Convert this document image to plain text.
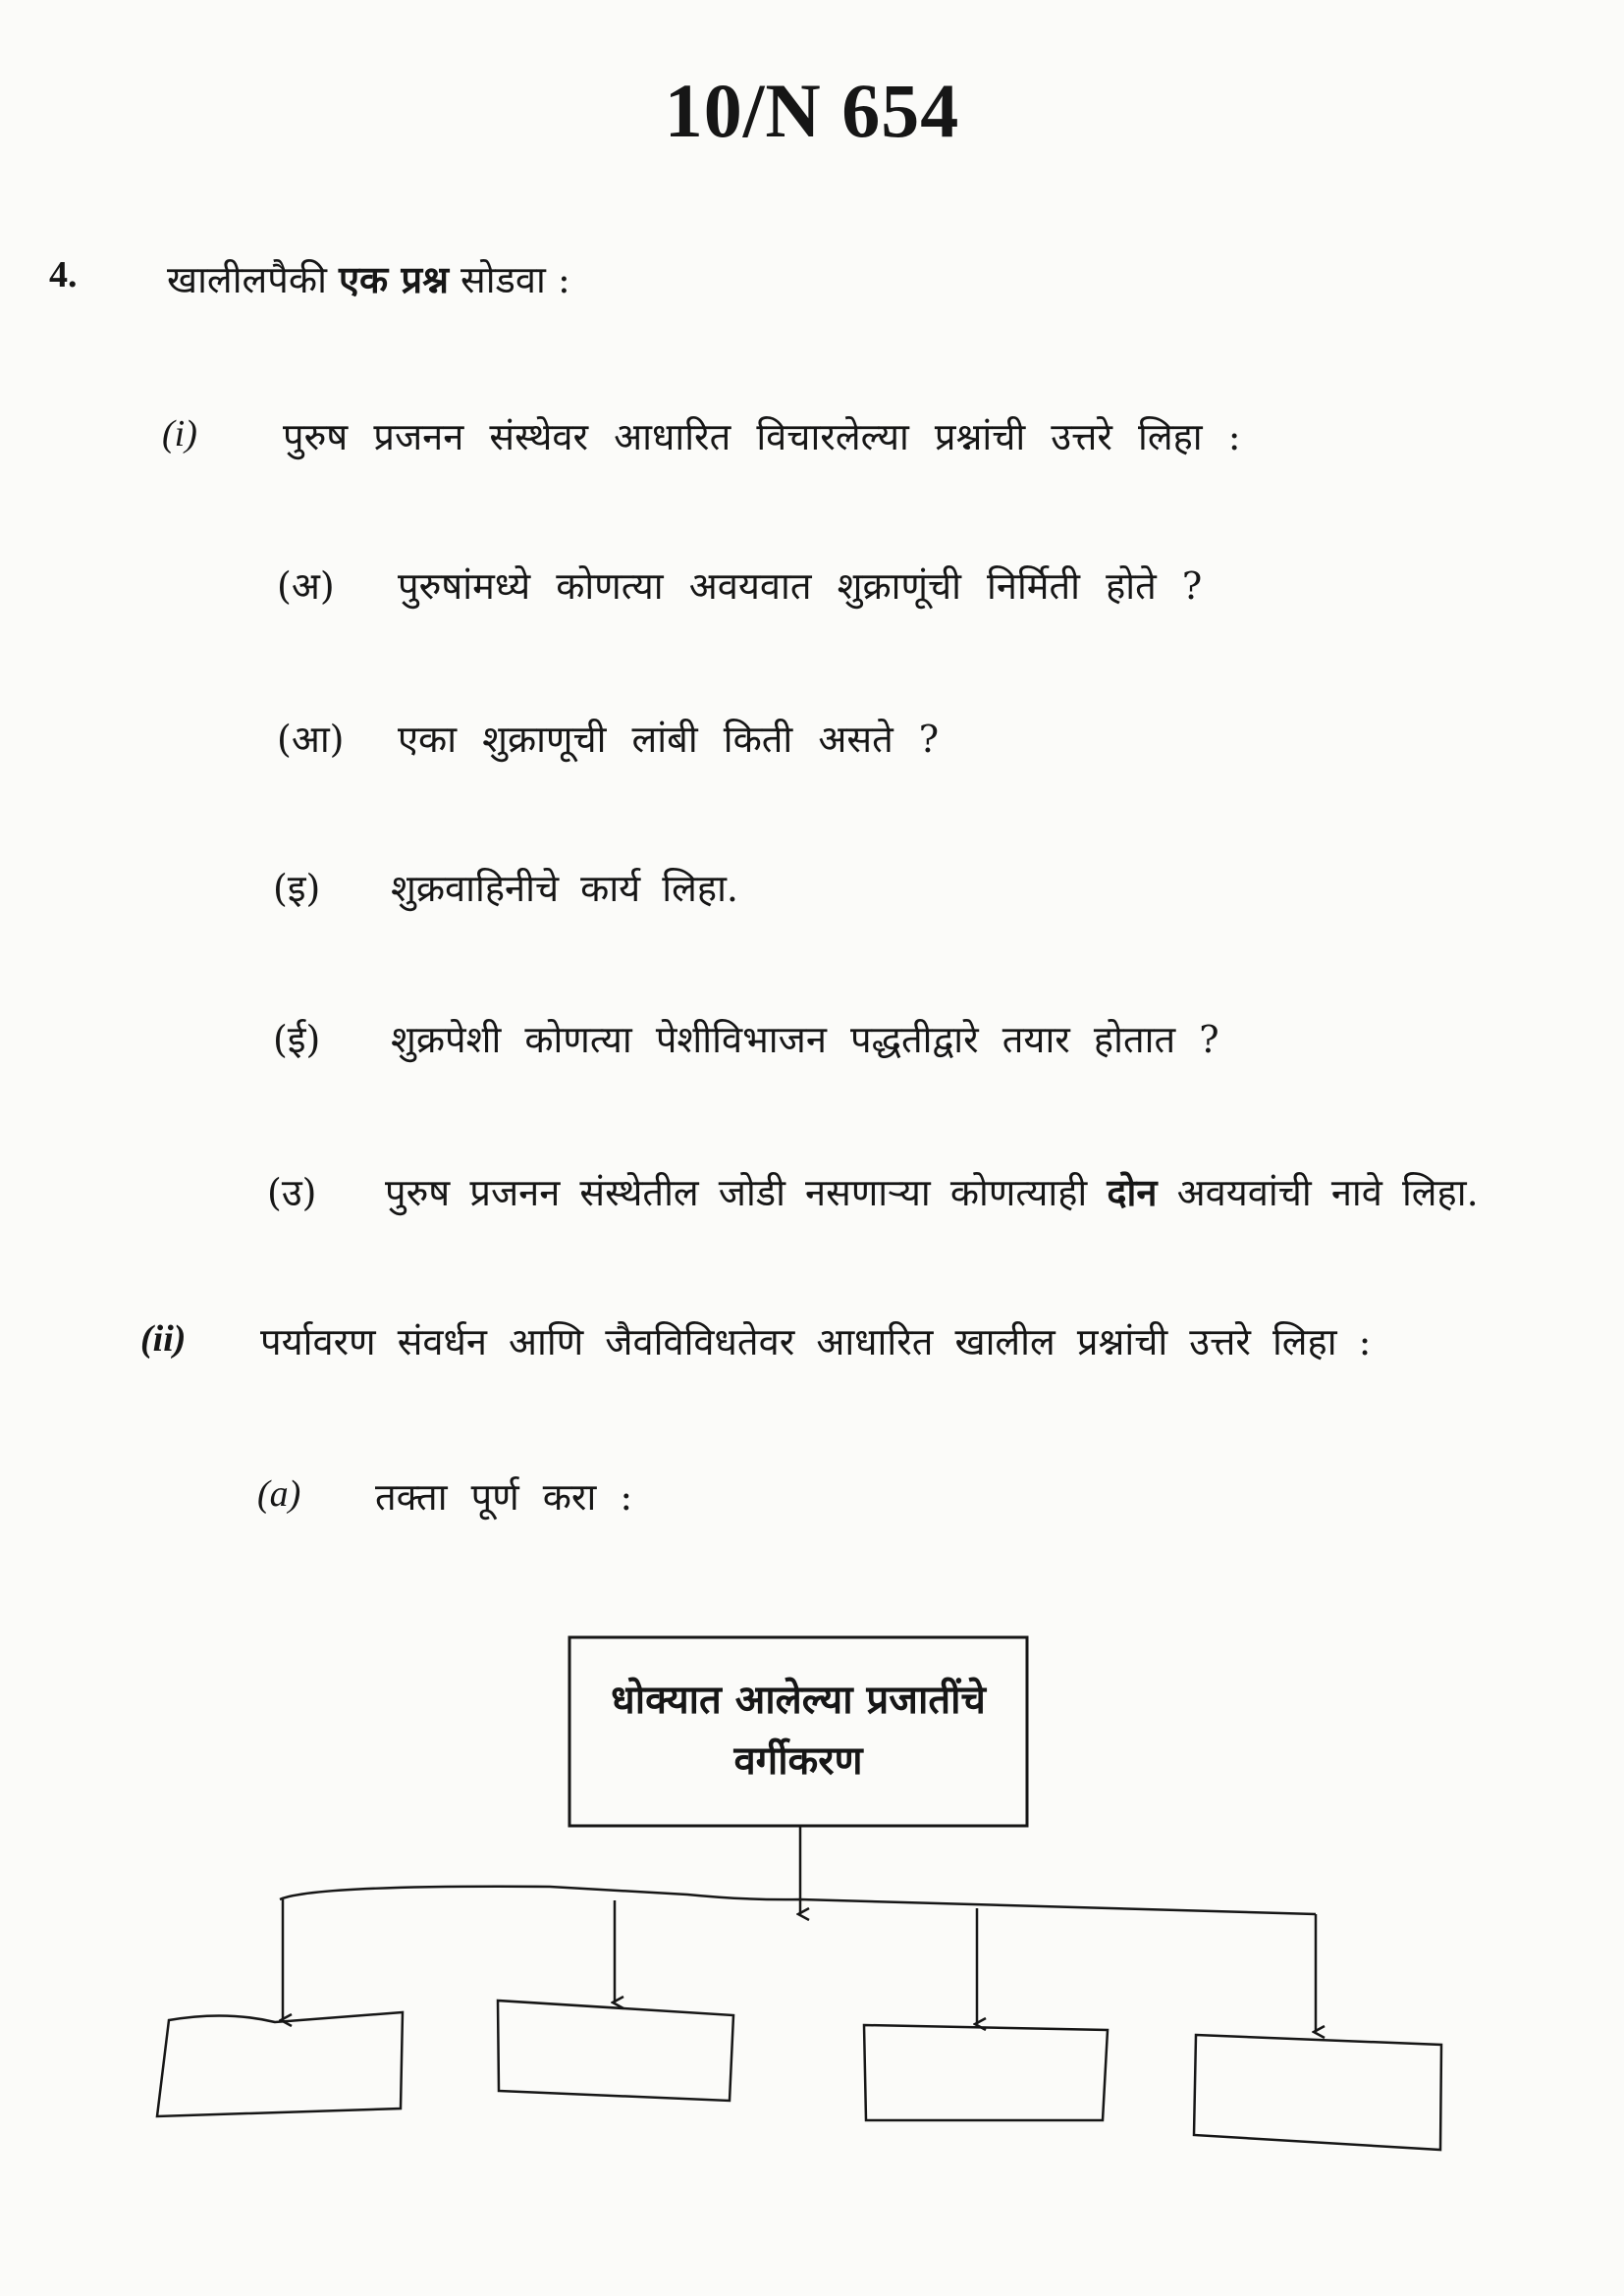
10/N 654
4. खालीलपैकी एक प्रश्न सोडवा :
(i) पुरुष प्रजनन संस्थेवर आधारित विचारलेल्या प्रश्नांची उत्तरे लिहा :
(अ) पुरुषांमध्ये कोणत्या अवयवात शुक्राणूंची निर्मिती होते ?
(आ) एका शुक्राणूची लांबी किती असते ?
(इ) शुक्रवाहिनीचे कार्य लिहा.
(ई) शुक्रपेशी कोणत्या पेशीविभाजन पद्धतीद्वारे तयार होतात ?
(उ) पुरुष प्रजनन संस्थेतील जोडी नसणाऱ्या कोणत्याही दोन अवयवांची नावे लिहा.
(ii) पर्यावरण संवर्धन आणि जैवविविधतेवर आधारित खालील प्रश्नांची उत्तरे लिहा :
(a) तक्ता पूर्ण करा :
धोक्यात आलेल्या प्रजातींचे वर्गीकरण
